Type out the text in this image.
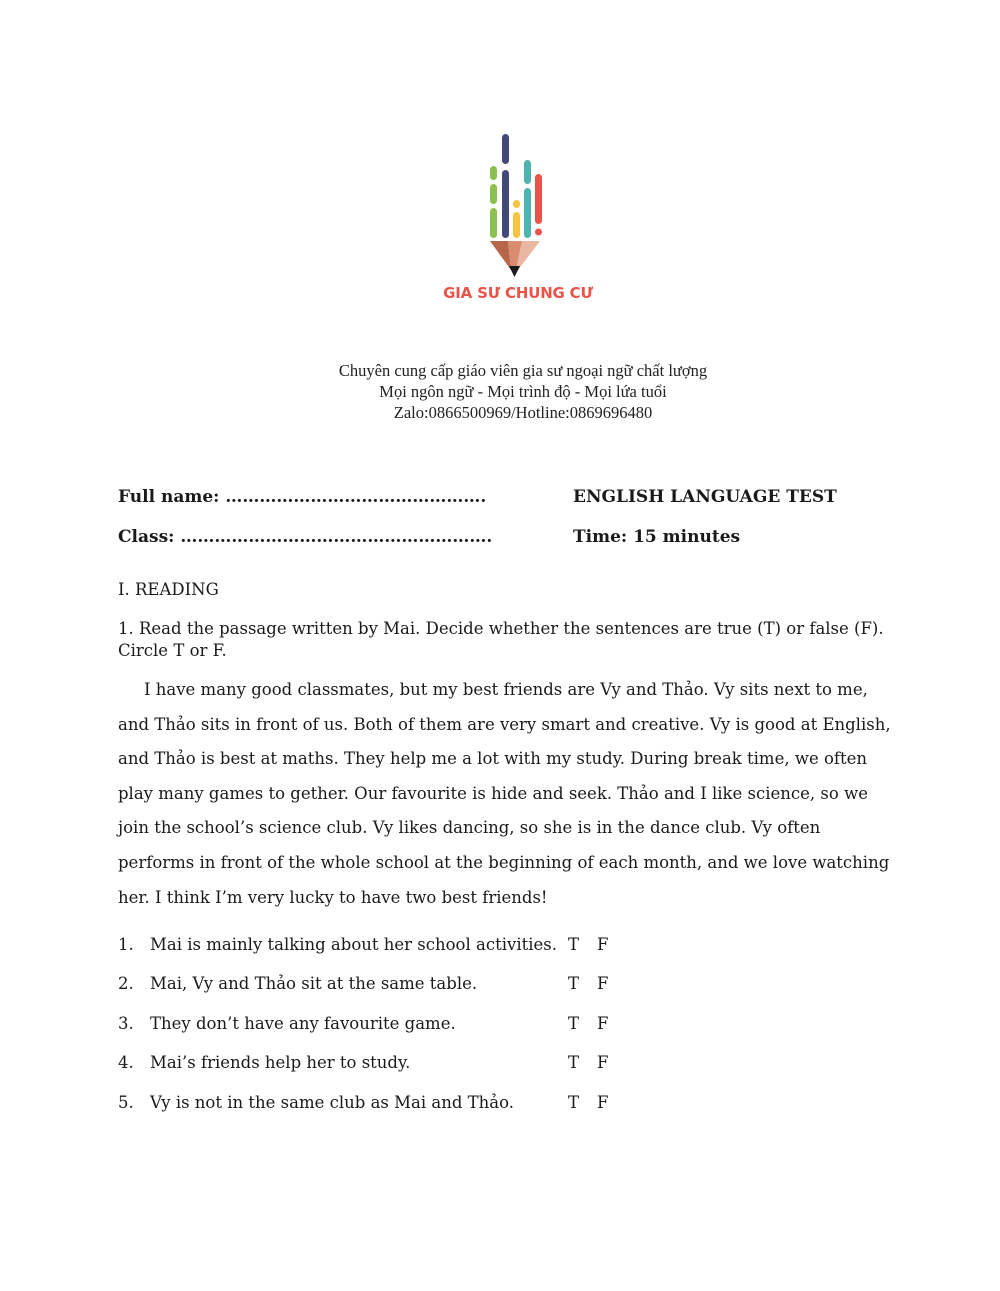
GIA SƯ CHUNG CƯ
Chuyên cung cấp giáo viên gia sư ngoại ngữ chất lượng
Mọi ngôn ngữ - Mọi trình độ - Mọi lứa tuổi
Zalo:0866500969/Hotline:0869696480
Full name: ……………………………………….	ENGLISH LANGUAGE TEST
Class: ……………………………………………….	Time: 15 minutes
I. READING
1. Read the passage written by Mai. Decide whether the sentences are true (T) or false (F). Circle T or F.
I have many good classmates, but my best friends are Vy and Thảo. Vy sits next to me,
and Thảo sits in front of us. Both of them are very smart and creative. Vy is good at English,
and Thảo is best at maths. They help me a lot with my study. During break time, we often
play many games to gether. Our favourite is hide and seek. Thảo and I like science, so we
join the school’s science club. Vy likes dancing, so she is in the dance club. Vy often
performs in front of the whole school at the beginning of each month, and we love watching
her. I think I’m very lucky to have two best friends!
1. Mai is mainly talking about her school activities. T F
2. Mai, Vy and Thảo sit at the same table.	T F
3. They don’t have any favourite game.	T F
4. Mai’s friends help her to study.	T F
5. Vy is not in the same club as Mai and Thảo.	T F
